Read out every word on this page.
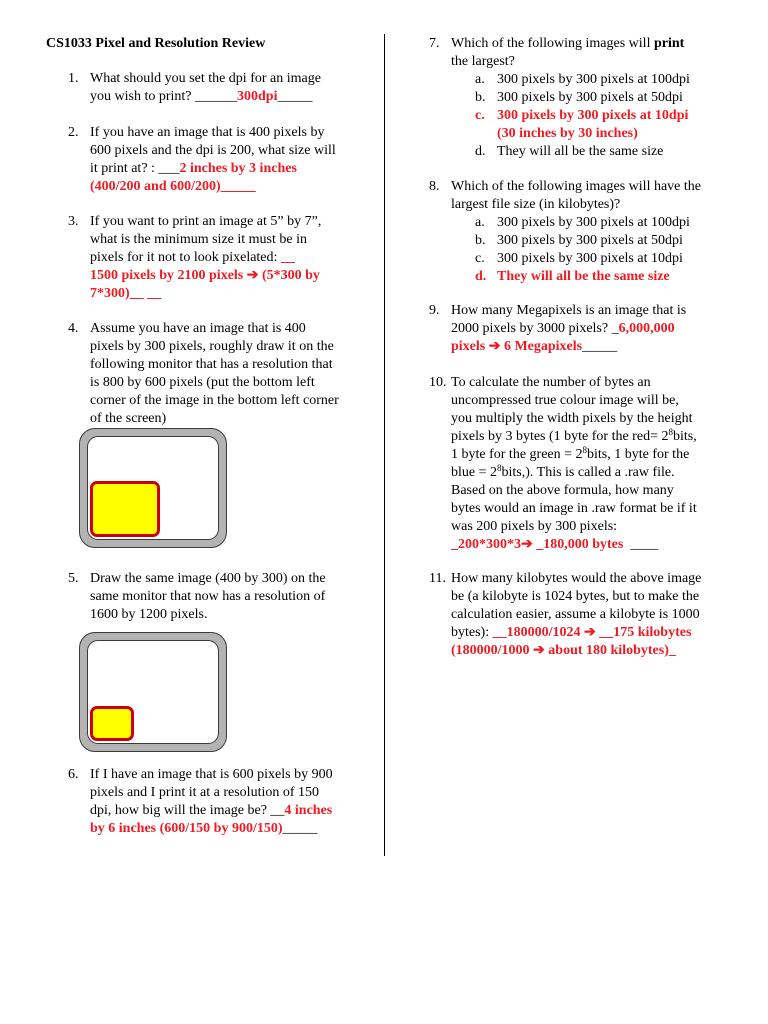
CS1033 Pixel and Resolution Review
1. What should you set the dpi for an image
you wish to print? ______300dpi_____
2. If you have an image that is 400 pixels by
600 pixels and the dpi is 200, what size will
it print at? : ___2 inches by 3 inches
(400/200 and 600/200)_____
3. If you want to print an image at 5” by 7”,
what is the minimum size it must be in
pixels for it not to look pixelated: __
1500 pixels by 2100 pixels ➔ (5*300 by
7*300)__ __
4. Assume you have an image that is 400
pixels by 300 pixels, roughly draw it on the
following monitor that has a resolution that
is 800 by 600 pixels (put the bottom left
corner of the image in the bottom left corner
of the screen)
5. Draw the same image (400 by 300) on the
same monitor that now has a resolution of
1600 by 1200 pixels.
6. If I have an image that is 600 pixels by 900
pixels and I print it at a resolution of 150
dpi, how big will the image be? __4 inches
by 6 inches (600/150 by 900/150)_____
7. Which of the following images will print
the largest?
a. 300 pixels by 300 pixels at 100dpi
b. 300 pixels by 300 pixels at 50dpi
c. 300 pixels by 300 pixels at 10dpi
(30 inches by 30 inches)
d. They will all be the same size
8. Which of the following images will have the
largest file size (in kilobytes)?
a. 300 pixels by 300 pixels at 100dpi
b. 300 pixels by 300 pixels at 50dpi
c. 300 pixels by 300 pixels at 10dpi
d. They will all be the same size
9. How many Megapixels is an image that is
2000 pixels by 3000 pixels? _6,000,000
pixels ➔ 6 Megapixels_____
10. To calculate the number of bytes an
uncompressed true colour image will be,
you multiply the width pixels by the height
pixels by 3 bytes (1 byte for the $red= 2^8bits$,
1 byte for the green = $2^8bits$, 1 byte for the
blue = $2^8bits$,). This is called a .raw file.
Based on the above formula, how many
bytes would an image in .raw format be if it
was 200 pixels by 300 pixels:
_200*300*3➔ _180,000 bytes  ____
11. How many kilobytes would the above image
be (a kilobyte is 1024 bytes, but to make the
calculation easier, assume a kilobyte is 1000
bytes): __180000/1024 ➔ __175 kilobytes
(180000/1000 ➔ about 180 kilobytes)_
